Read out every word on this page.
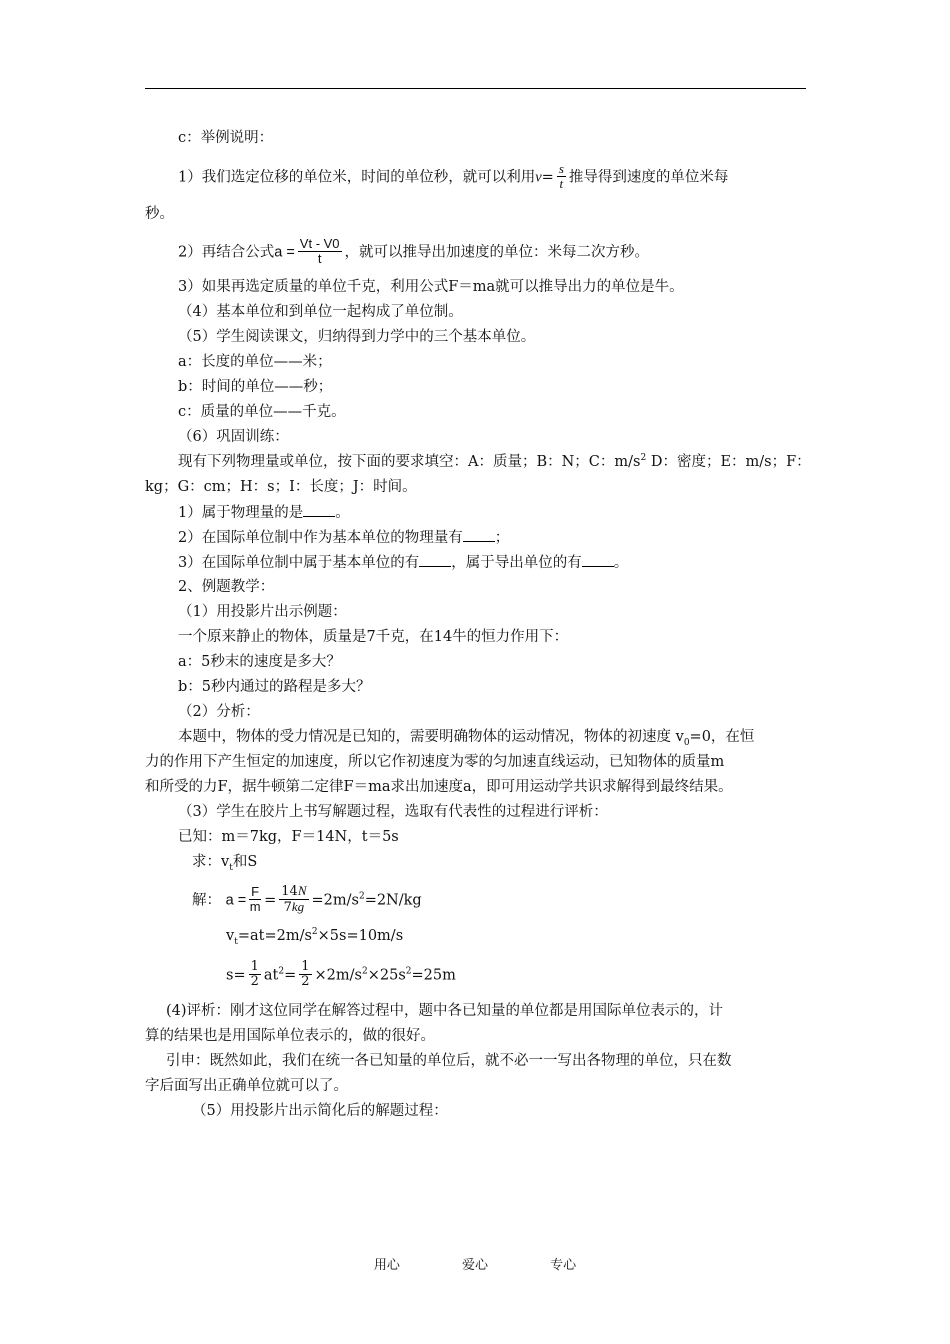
c：举例说明：
1）我们选定位移的单位米，时间的单位秒，就可以利用$v= \frac{s}{t}$ 推导得到速度的单位米每
秒。
2）再结合公式$a = \frac{Vt - V0}{t}$ ，就可以推导出加速度的单位：米每二次方秒。
3）如果再选定质量的单位千克，利用公式F＝ma就可以推导出力的单位是牛。
（4）基本单位和到单位一起构成了单位制。
（5）学生阅读课文，归纳得到力学中的三个基本单位。
a：长度的单位——米；
b：时间的单位——秒；
c：质量的单位——千克。
（6）巩固训练：
现有下列物理量或单位，按下面的要求填空：A：质量；B：N；C：$m/s^2$ D：密度；E：m/s；F：
kg；G：cm；H：s；I：长度；J：时间。
1）属于物理量的是 。
2）在国际单位制中作为基本单位的物理量有 ；
3）在国际单位制中属于基本单位的有 ，属于导出单位的有 。
2、例题教学：
（1）用投影片出示例题：
一个原来静止的物体，质量是7千克，在14牛的恒力作用下：
a：5秒末的速度是多大？
b：5秒内通过的路程是多大？
（2）分析：
本题中，物体的受力情况是已知的，需要明确物体的运动情况，物体的初速度 $v_0=0$，在恒
力的作用下产生恒定的加速度，所以它作初速度为零的匀加速直线运动，已知物体的质量m
和所受的力F，据牛顿第二定律F＝ma求出加速度a，即可用运动学共识求解得到最终结果。
（3）学生在胶片上书写解题过程，选取有代表性的过程进行评析：
已知：m＝7kg，F＝14N，t＝5s
求：$v_t$和S
解： $a = \frac{F}{m} = \frac{14N}{7kg} =2m/s^2=2N/kg$
$v_t=at=2m/s^2\times 5s=10m/s$
$s= \frac{1}{2} at^2= \frac{1}{2} \times 2m/s^2\times 25s^2=25m$
(4)评析：刚才这位同学在解答过程中，题中各已知量的单位都是用国际单位表示的，计
算的结果也是用国际单位表示的，做的很好。
引申：既然如此，我们在统一各已知量的单位后，就不必一一写出各物理的单位，只在数
字后面写出正确单位就可以了。
（5）用投影片出示简化后的解题过程：
用心	爱心	专心
